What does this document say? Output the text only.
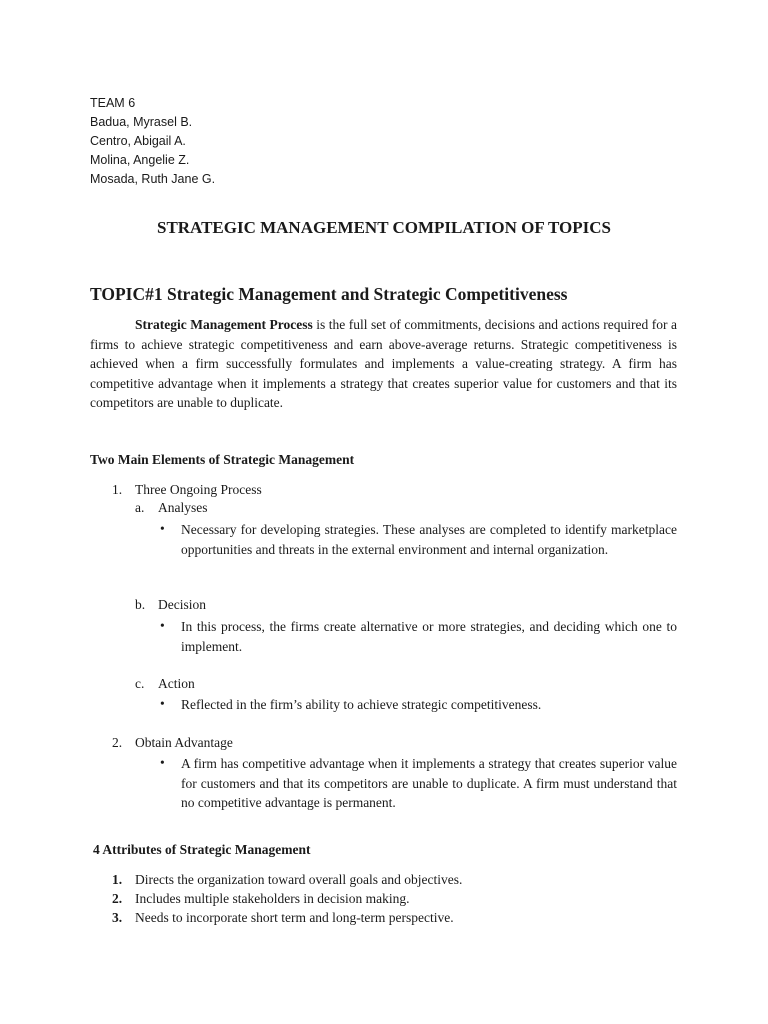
TEAM 6
Badua, Myrasel B.
Centro, Abigail A.
Molina, Angelie Z.
Mosada, Ruth Jane G.
STRATEGIC MANAGEMENT COMPILATION OF TOPICS
TOPIC#1 Strategic Management and Strategic Competitiveness
Strategic Management Process is the full set of commitments, decisions and actions required for a firms to achieve strategic competitiveness and earn above-average returns. Strategic competitiveness is achieved when a firm successfully formulates and implements a value-creating strategy. A firm has competitive advantage when it implements a strategy that creates superior value for customers and that its competitors are unable to duplicate.
Two Main Elements of Strategic Management
1. Three Ongoing Process
a. Analyses
• Necessary for developing strategies. These analyses are completed to identify marketplace opportunities and threats in the external environment and internal organization.
b. Decision
• In this process, the firms create alternative or more strategies, and deciding which one to implement.
c. Action
• Reflected in the firm’s ability to achieve strategic competitiveness.
2. Obtain Advantage
• A firm has competitive advantage when it implements a strategy that creates superior value for customers and that its competitors are unable to duplicate. A firm must understand that no competitive advantage is permanent.
4 Attributes of Strategic Management
1. Directs the organization toward overall goals and objectives.
2. Includes multiple stakeholders in decision making.
3. Needs to incorporate short term and long-term perspective.
